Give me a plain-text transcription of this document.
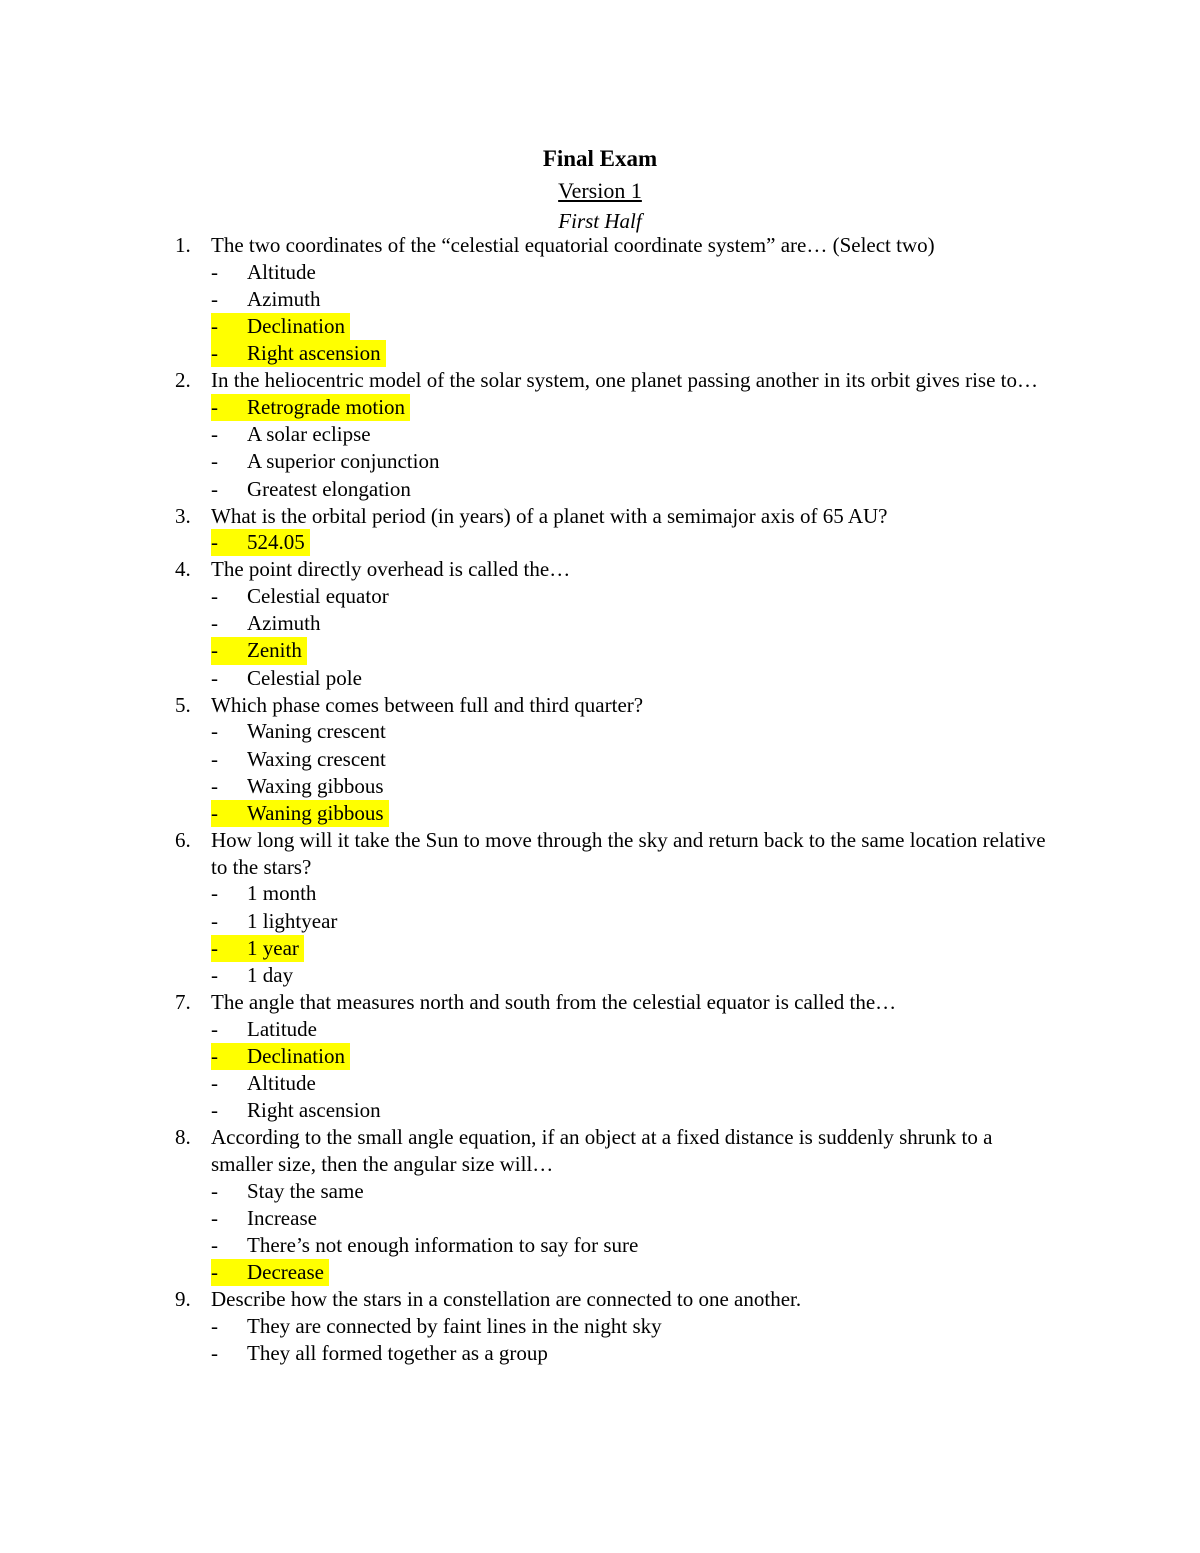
Final Exam
Version 1
First Half
1. The two coordinates of the “celestial equatorial coordinate system” are… (Select two)
- Altitude
- Azimuth
- Declination
- Right ascension
2. In the heliocentric model of the solar system, one planet passing another in its orbit gives rise to…
- Retrograde motion
- A solar eclipse
- A superior conjunction
- Greatest elongation
3. What is the orbital period (in years) of a planet with a semimajor axis of 65 AU?
- 524.05
4. The point directly overhead is called the…
- Celestial equator
- Azimuth
- Zenith
- Celestial pole
5. Which phase comes between full and third quarter?
- Waning crescent
- Waxing crescent
- Waxing gibbous
- Waning gibbous
6. How long will it take the Sun to move through the sky and return back to the same location relative to the stars?
- 1 month
- 1 lightyear
- 1 year
- 1 day
7. The angle that measures north and south from the celestial equator is called the…
- Latitude
- Declination
- Altitude
- Right ascension
8. According to the small angle equation, if an object at a fixed distance is suddenly shrunk to a smaller size, then the angular size will…
- Stay the same
- Increase
- There’s not enough information to say for sure
- Decrease
9. Describe how the stars in a constellation are connected to one another.
- They are connected by faint lines in the night sky
- They all formed together as a group
